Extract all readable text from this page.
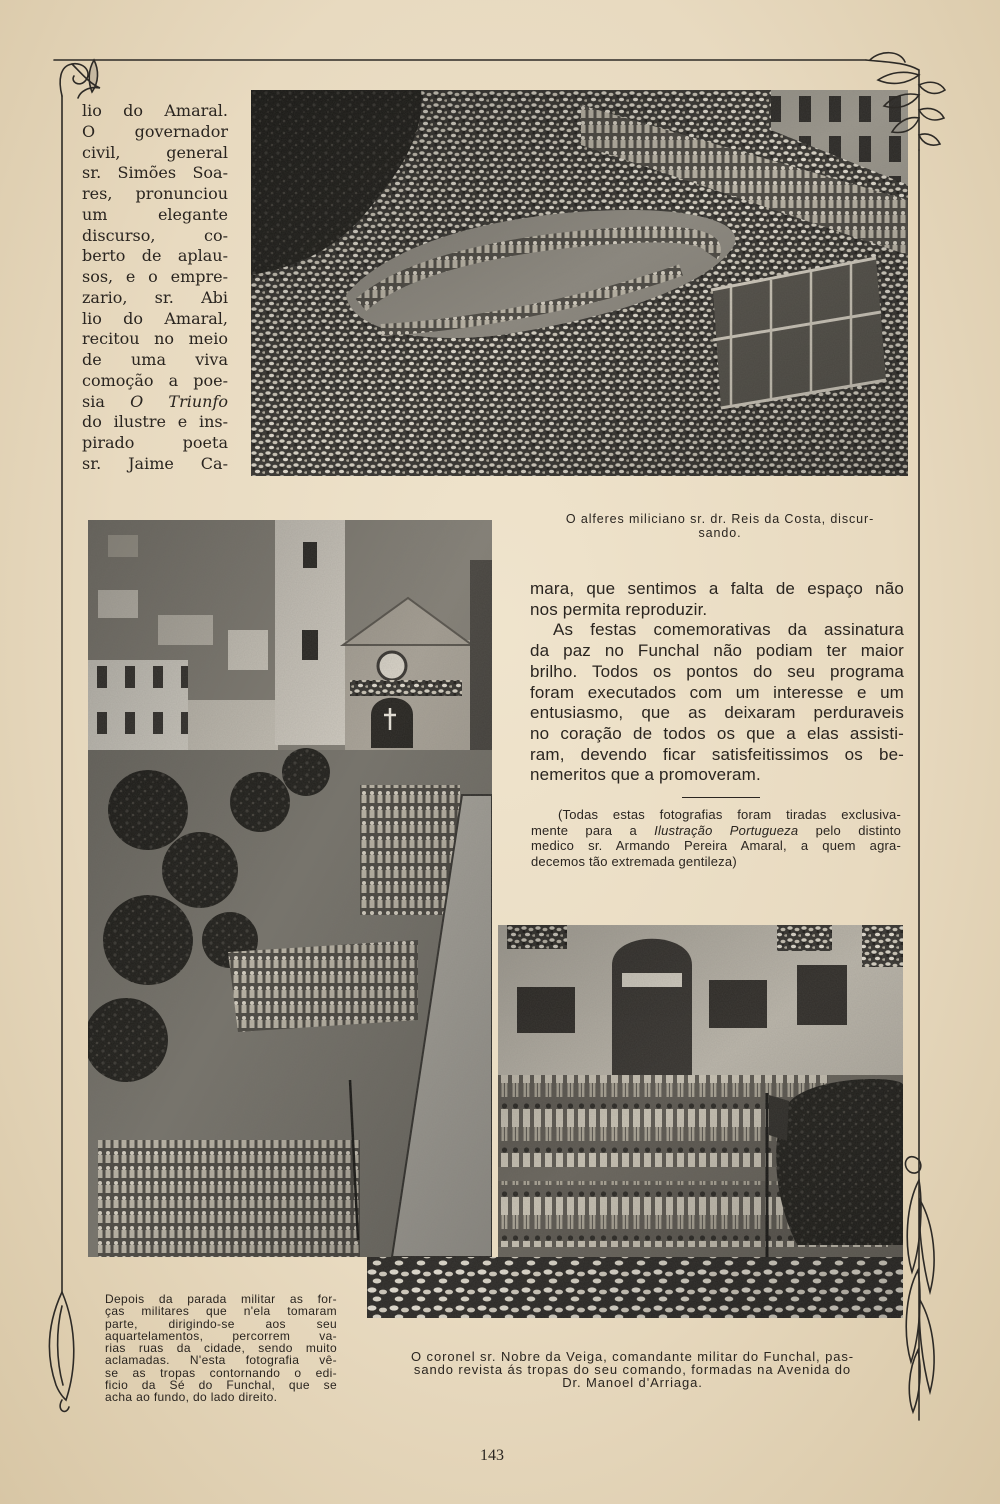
lio do Amaral.
O governador
civil, general
sr. Simões Soa-
res, pronunciou
um elegante
discurso, co-
berto de aplau-
sos, e o empre-
zario, sr. Abi
lio do Amaral,
recitou no meio
de uma viva
comoção a poe-
sia O Triunfo
do ilustre e ins-
pirado poeta
sr. Jaime Ca-
O alferes miliciano sr. dr. Reis da Costa, discur-
sando.
mara, que sentimos a falta de espaço não
nos permita reproduzir.
As festas comemorativas da assinatura
da paz no Funchal não podiam ter maior
brilho. Todos os pontos do seu programa
foram executados com um interesse e um
entusiasmo, que as deixaram perduraveis
no coração de todos os que a elas assisti-
ram, devendo ficar satisfeitissimos os be-
nemeritos que a promoveram.
(Todas estas fotografias foram tiradas exclusiva-
mente para a Ilustração Portugueza pelo distinto
medico sr. Armando Pereira Amaral, a quem agra-
decemos tão extremada gentileza)
Depois da parada militar as for-
ças militares que n'ela tomaram
parte, dirigindo-se aos seu
aquartelamentos, percorrem va-
rias ruas da cidade, sendo muito
aclamadas. N'esta fotografia vê-
se as tropas contornando o edi-
ficio da Sé do Funchal, que se
acha ao fundo, do lado direito.
O coronel sr. Nobre da Veiga, comandante militar do Funchal, pas-
sando revista ás tropas do seu comando, formadas na Avenida do
Dr. Manoel d'Arriaga.
143
